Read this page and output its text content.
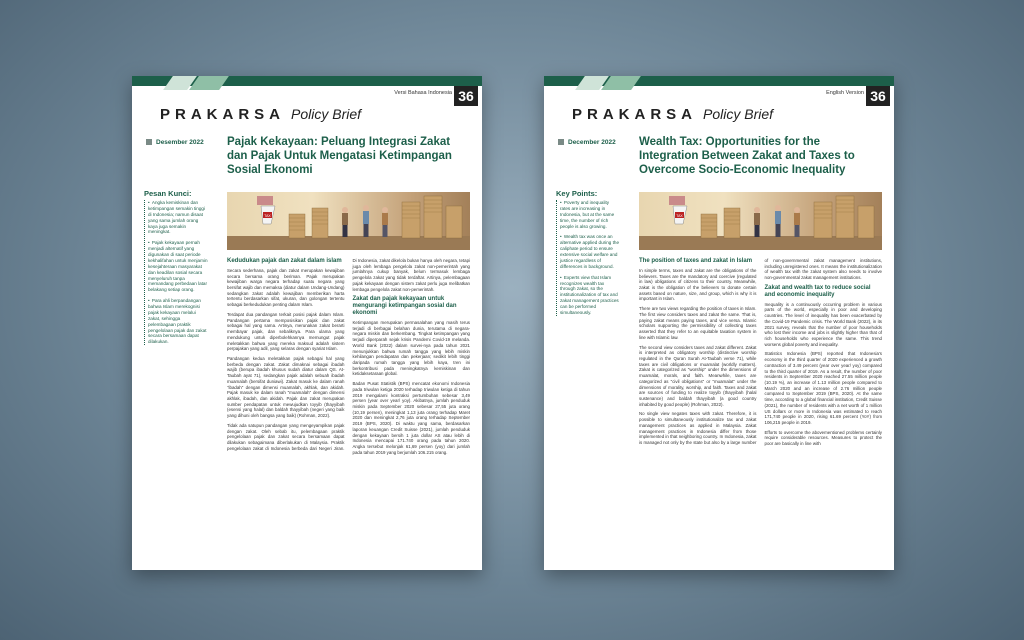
Versi Bahasa Indonesia 36
PRAKARSA Policy Brief
Desember 2022 Pajak Kekayaan: Peluang Integrasi Zakat dan Pajak Untuk Mengatasi Ketimpangan Sosial Ekonomi
Pesan Kunci:
• Angka kemiskinan dan ketimpangan semakin tinggi di Indonesia; namun disaat yang sama jumlah orang kaya juga semakin meningkat.
• Pajak kekayaan pernah menjadi alternatif yang digunakan di saat periode kekhalifahan untuk menjamin kesejahteraan masyarakat dan keadilan sosial secara menyeluruh tanpa memandang perbedaan latar belakang setiap orang.
• Para ahli berpandangan bahwa Islam merekognisi pajak kekayaan melalui zakat, sehingga pelembagaan praktik pengelolaan pajak dan zakat secara bersamaan dapat dilakukan.
TAX
Kedudukan pajak dan zakat dalam islam

Secara sederhana, pajak dan zakat merupakan kewajiban secara bersama orang beriman. Pajak merupakan kewajiban warga negara terhadap suatu negara yang bersifat wajib dan memaksa (diatur dalam Undang-Undang) sedangkan zakat adalah kewajiban memberikan harta tertentu berdasarkan sifat, ukuran, dan golongan tertentu sebagai berkedudukan penting dalam Islam.

Terdapat dua pandangan terkait posisi pajak dalam Islam. Pandangan pertama memposisikan pajak dan zakat sebagai hal yang sama. Artinya, merunakan zakat berarti membayar pajak, dan sebaliknya. Para ulama yang mendukung untuk diperbolehkannya memungut pajak meletakkan bahwa yang mereka maksud adalah sistem perpajakan yang adil, yang selaras dengan syariat Islam.

Pandangan kedua meletakkan pajak sebagai hal yang berbeda dengan zakat. Zakat dimaknai sebagai ibadah wajib (berupa ibadah khusus sudah diatur dalam QS. At-Taubah ayat 71), sedangkan pajak adalah sebuah ibadah muamalah (bersifat duniawi). Zakat masuk ke dalam ranah "ibadah" dengan dimensi muamalah, akhlak, dan akidah. Pajak masuk ke dalam ranah "muamalah" dengan dimensi akhlak, ibadah, dan akidah. Pajak dan zakat merupakan sumber pendapatan untuk mewujudkan toyyib (thayyibah (esensi yang halal) dan baldah thayyibah (negeri yang baik yang dihuni oleh bangsa yang baik) (Rohman, 2022).

Tidak ada satupun pandangan yang mengeyampikan pajak dengan zakat. Oleh sebab itu, pelembagaan praktik pengelolaan pajak dan zakat secara bersamaan dapat dilakukan sebagaimana diberlakukan di Malaysia. Praktik pengelolaan zakat di Indonesia berbeda dari Negeri Jiran. Di Indonesia, zakat dikelola bukan hanya oleh negara, tetapi juga oleh lembaga pengelola zakat non-pemerintah yang jumlahnya cukup banyak, belum termasuk lembaga pengelola zakat yang tidak terdaftar. Artinya, pelembagaan pajak kekayaan dengan sistem zakat perlu juga melibatkan lembaga pengelola zakat non-pemerintah.

Zakat dan pajak kekayaan untuk mengurangi ketimpangan sosial dan ekonomi

Ketimpangan merupakan permasalahan yang masih terus terjadi di berbagai belahan dunia, terutama di negara-negara miskin dan berkembang. Tingkat ketimpangan yang terjadi diperparah sejak krisis Pandemi Covid-19 melanda. World Bank (2022) dalam survei-nya pada tahun 2021 menunjukkan bahwa rumah tangga yang lebih miskin kehilangan pendapatan dan pekerjaan; sedikit lebih tinggi daripada rumah tangga yang lebih kaya, tren ini berkontribusi pada meningkatnya kemiskinan dan ketidaksetaraan global.

Badan Pusat Statistik (BPS) mencatat ekonomi Indonesia pada triwulan ketiga 2020 terhadap triwulan ketiga di tahun 2019 mengalami kontraksi pertumbuhan sebesar 3,49 persen (year over year/ yoy). Akibatnya, jumlah penduduk miskin pada September 2020 sebesar 27,55 juta orang (10,19 persen), meningkat 1,13 juta orang terhadap Maret 2020 dan meningkat 2,76 juta orang terhadap September 2019 (BPS, 2020). Di waktu yang sama, berdasarkan laporan keuangan Credit Suisse (2021), jumlah penduduk dengan kekayaan bersih 1 juta dollar AS atau lebih di Indonesia mencapai 171.740 orang pada tahun 2020. Angka tersebut melonjak 61,69 persen (yoy) dari jumlah pada tahun 2019 yang berjumlah 106.215 orang.

English Version 36
PRAKARSA Policy Brief
December 2022 Wealth Tax: Opportunities for the Integration Between Zakat and Taxes to Overcome Socio-Economic Inequality
Key Points:
• Poverty and inequality rates are increasing in Indonesia, but at the same time, the number of rich people is also growing.
• Wealth tax was once an alternative applied during the caliphate period to ensure extensive social welfare and justice regardless of differences in background.
• Experts view that Islam recognizes wealth tax through zakat, so the institutionalization of tax and zakat management practices can be performed simultaneously.
TAX
The position of taxes and zakat in Islam

In simple terms, taxes and zakat are the obligations of the believers. Taxes are the mandatory and coercive (regulated in law) obligations of citizens to their country. Meanwhile, zakat is the obligation of the believers to donate certain assets based on nature, size, and group, which is why it is important in Islam.

There are two views regarding the position of taxes in Islam. The first view considers taxes and zakat the same. That is, paying zakat means paying taxes, and vice versa. Islamic scholars supporting the permissibility of collecting taxes asserted that they refer to an equitable taxation system in line with Islamic law.

The second view considers taxes and zakat different. Zakat is interpreted as obligatory worship (distinctive worship regulated in the Quran Surah At-Taubah verse 71), while taxes are civil obligations or muamalat (worldly matters). Zakat is categorized as "worship" under the dimensions of muamalat, morals, and faith. Meanwhile, taxes are categorized as "civil obligations" or "muamalat" under the dimensions of morality, worship, and faith. Taxes and zakat are sources of funding to realize toyyib (thayyibah (halal sustenance) and baldah thayyibah (a good country inhabited by good people) (Rohman, 2022).

No single view negates taxes with zakat. Therefore, it is possible to simultaneously institutionalize tax and zakat management practices as applied in Malaysia. Zakat management practices in Indonesia differ from those implemented in that neighboring country. In Indonesia, zakat is managed not only by the state but also by a large number of non-governmental zakat management institutions, including unregistered ones. It means the institutionalization of wealth tax with the zakat system also needs to involve non-governmental zakat management institutions.

Zakat and wealth tax to reduce social and economic inequality

Inequality is a continuously occurring problem in various parts of the world, especially in poor and developing countries. The level of inequality has been exacerbated by the Covid-19 Pandemic crisis. The World Bank (2022), in its 2021 survey, reveals that the number of poor households who lost their income and jobs is slightly higher than that of rich households who experience the same. This trend worsens global poverty and inequality.

Statistics Indonesia (BPS) reported that Indonesia's economy in the third quarter of 2020 experienced a growth contraction of 3.49 percent (year over year/ yoy) compared to the third quarter of 2019. As a result, the number of poor residents in September 2020 reached 27.55 million people (10.19 %), an increase of 1.13 million people compared to March 2020 and an increase of 2.76 million people compared to September 2019 (BPS, 2020). At the same time, according to a global financial institution, Credit Suisse (2021), the number of residents with a net worth of 1 million US dollars or more in Indonesia was estimated to reach 171,740 people in 2020, rising 61.69 percent (YoY) from 106,215 people in 2019.

Efforts to overcome the abovementioned problems certainly require considerable resources. Measures to protect the poor are basically in line with
